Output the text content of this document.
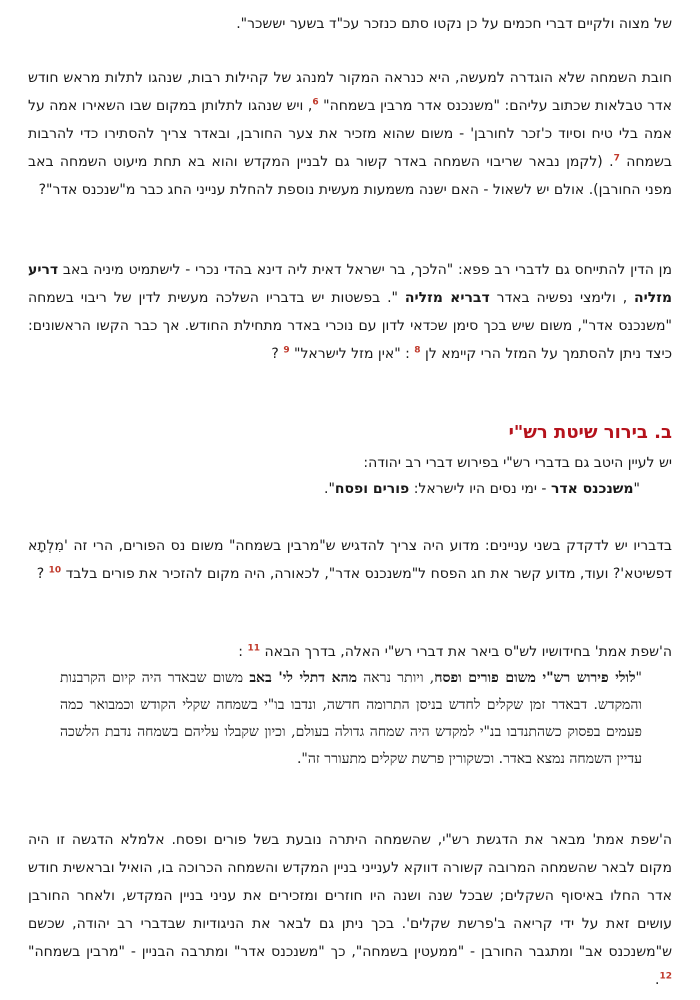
של מצוה ולקיים דברי חכמים על כן נקטו סתם כנזכר עכ"ד בשער יששכר".
חובת השמחה שלא הוגדרה למעשה, היא כנראה המקור למנהג של קהילות רבות, שנהגו לתלות מראש חודש אדר טבלאות שכתוב עליהם: "משנכנס אדר מרבין בשמחה" $^6$, ויש שנהגו לתלותן במקום שבו השאירו אמה על אמה בלי טיח וסיוד כ'זכר לחורבן' - משום שהוא מזכיר את צער החורבן, ובאדר צריך להסתירו כדי להרבות בשמחה $^7$. (לקמן נבאר שריבוי השמחה באדר קשור גם לבניין המקדש והוא בא תחת מיעוט השמחה באב מפני החורבן). אולם יש לשאול - האם ישנה משמעות מעשית נוספת להחלת ענייני החג כבר מ"שנכנס אדר"?
מן הדין להתייחס גם לדברי רב פפא: "הלכך, בר ישראל דאית ליה דינא בהדי נכרי - לישתמיט מיניה באב דריע מזליה , ולימצי נפשיה באדר דבריא מזליה ". בפשטות יש בדבריו השלכה מעשית לדין של ריבוי בשמחה "משנכנס אדר", משום שיש בכך סימן שכדאי לדון עם נוכרי באדר מתחילת החודש. אך כבר הקשו הראשונים: כיצד ניתן להסתמך על המזל הרי קיימא לן $^8$ : "אין מזל לישראל" $^9$ ?
ב. בירור שיטת רש"י
יש לעיין היטב גם בדברי רש"י בפירוש דברי רב יהודה:
"משנכנס אדר - ימי נסים היו לישראל: פורים ופסח".
בדבריו יש לדקדק בשני עניינים: מדוע היה צריך להדגיש ש"מרבין בשמחה" משום נס הפורים, הרי זה 'מִלְתָא דפשיטא'? ועוד, מדוע קשר את חג הפסח ל"משנכנס אדר", לכאורה, היה מקום להזכיר את פורים בלבד $^{10}$ ?
ה'שפת אמת' בחידושיו לש"ס ביאר את דברי רש"י האלה, בדרך הבאה $^{11}$ :
"לולי פירוש רש"י משום פורים ופסח, ויותר נראה מהא דתלי לי' באב משום שבאדר היה קיום הקרבנות והמקדש. דבאדר זמן שקלים לחדש בניסן התרומה חדשה, ונדבו בו"י בשמחה שקלי הקודש וכמבואר כמה פעמים בפסוק כשהתנדבו בנ"י למקדש היה שמחה גדולה בעולם, וכיון שקבלו עליהם בשמחה נדבת הלשכה עדיין השמחה נמצא באדר. וכשקורין פרשת שקלים מתעורר זה".
ה'שפת אמת' מבאר את הדגשת רש"י, שהשמחה היתרה נובעת בשל פורים ופסח. אלמלא הדגשה זו היה מקום לבאר שהשמחה המרובה קשורה דווקא לענייני בניין המקדש והשמחה הכרוכה בו, הואיל ובראשית חודש אדר החלו באיסוף השקלים; שבכל שנה ושנה היו חוזרים ומזכירים את עניני בניין המקדש, ולאחר החורבן עושים זאת על ידי קריאה ב'פרשת שקלים'. בכך ניתן גם לבאר את הניגודיות שבדברי רב יהודה, שכשם ש"משנכנס אב" ומתגבר החורבן - "ממעטין בשמחה", כך "משנכנס אדר" ומתרבה הבניין - "מרבין בשמחה" $^{12}$.
